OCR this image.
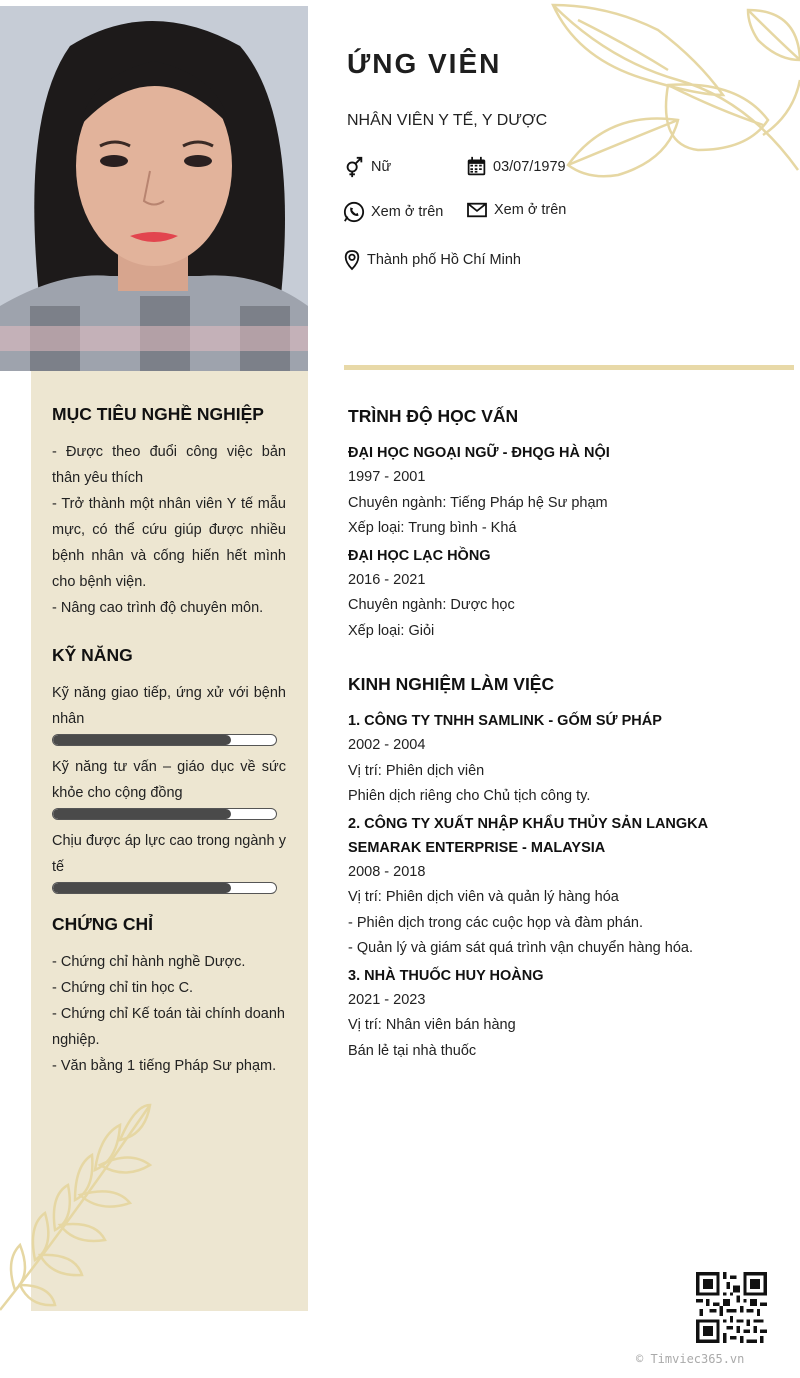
ỨNG VIÊN
NHÂN VIÊN Y TẾ, Y DƯỢC
Nữ	03/07/1979
Xem ở trên	Xem ở trên
Thành phố Hồ Chí Minh
MỤC TIÊU NGHỀ NGHIỆP
- Được theo đuổi công việc bản thân yêu thích
- Trở thành một nhân viên Y tế mẫu mực, có thể cứu giúp được nhiều bệnh nhân và cống hiến hết mình cho bệnh viện.
- Nâng cao trình độ chuyên môn.
KỸ NĂNG
Kỹ năng giao tiếp, ứng xử với bệnh nhân
Kỹ năng tư vấn – giáo dục về sức khỏe cho cộng đồng
Chịu được áp lực cao trong ngành y tế
CHỨNG CHỈ
- Chứng chỉ hành nghề Dược.
- Chứng chỉ tin học C.
- Chứng chỉ Kế toán tài chính doanh nghiệp.
- Văn bằng 1 tiếng Pháp Sư phạm.
TRÌNH ĐỘ HỌC VẤN
ĐẠI HỌC NGOẠI NGỮ - ĐHQG HÀ NỘI
1997 - 2001
Chuyên ngành: Tiếng Pháp hệ Sư phạm
Xếp loại: Trung bình - Khá
ĐẠI HỌC LẠC HỒNG
2016 - 2021
Chuyên ngành: Dược học
Xếp loại: Giỏi
KINH NGHIỆM LÀM VIỆC
1. CÔNG TY TNHH SAMLINK - GỐM SỨ PHÁP
2002 - 2004
Vị trí: Phiên dịch viên
Phiên dịch riêng cho Chủ tịch công ty.
2. CÔNG TY XUẤT NHẬP KHẨU THỦY SẢN LANGKA SEMARAK ENTERPRISE - MALAYSIA
2008 - 2018
Vị trí: Phiên dịch viên và quản lý hàng hóa
- Phiên dịch trong các cuộc họp và đàm phán.
- Quản lý và giám sát quá trình vận chuyển hàng hóa.
3. NHÀ THUỐC HUY HOÀNG
2021 - 2023
Vị trí: Nhân viên bán hàng
Bán lẻ tại nhà thuốc
© Timviec365.vn
